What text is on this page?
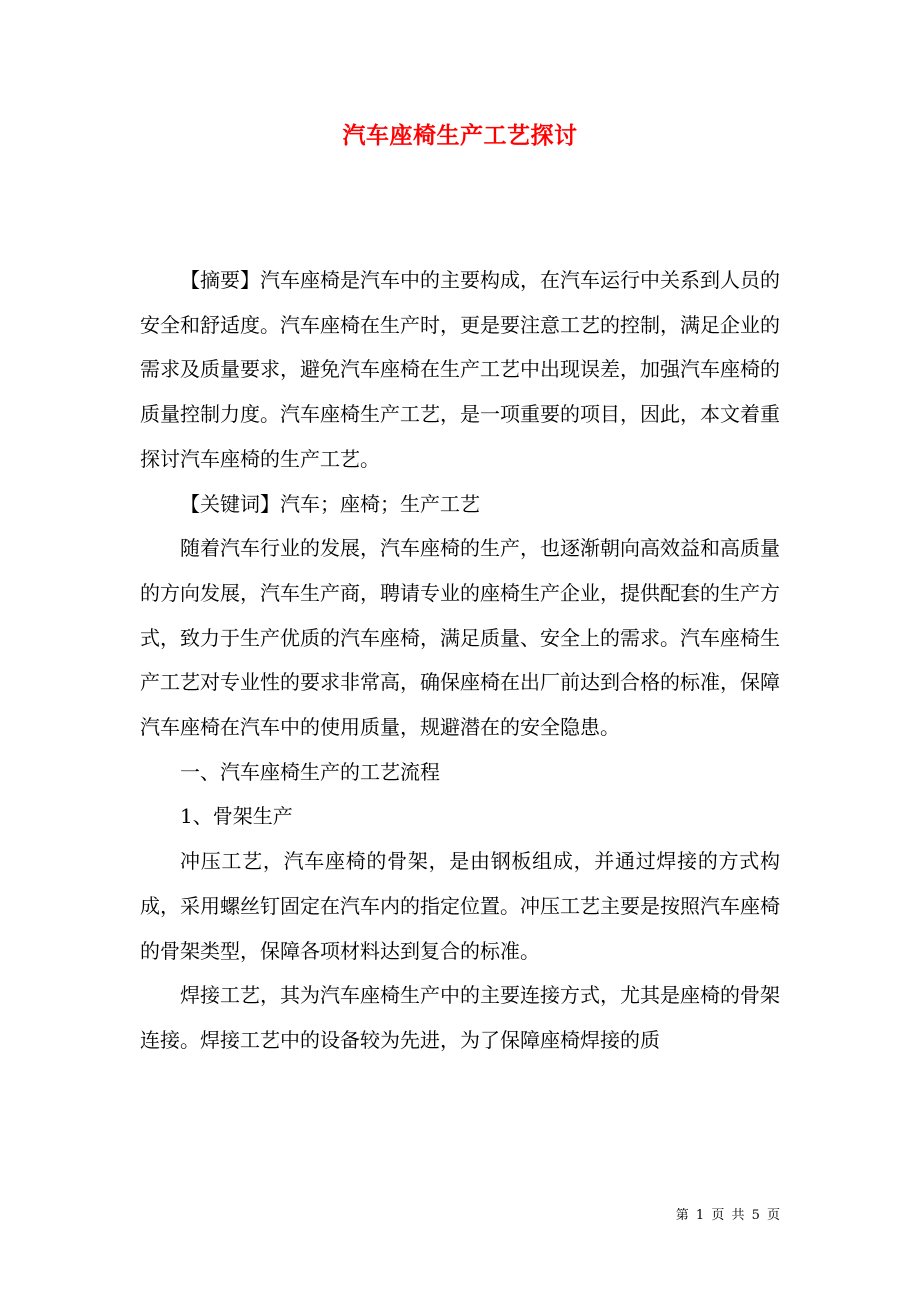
汽车座椅生产工艺探讨

【摘要】汽车座椅是汽车中的主要构成，在汽车运行中关系到人员的安全和舒适度。汽车座椅在生产时，更是要注意工艺的控制，满足企业的需求及质量要求，避免汽车座椅在生产工艺中出现误差，加强汽车座椅的质量控制力度。汽车座椅生产工艺，是一项重要的项目，因此，本文着重探讨汽车座椅的生产工艺。

【关键词】汽车；座椅；生产工艺

随着汽车行业的发展，汽车座椅的生产，也逐渐朝向高效益和高质量的方向发展，汽车生产商，聘请专业的座椅生产企业，提供配套的生产方式，致力于生产优质的汽车座椅，满足质量、安全上的需求。汽车座椅生产工艺对专业性的要求非常高，确保座椅在出厂前达到合格的标准，保障汽车座椅在汽车中的使用质量，规避潜在的安全隐患。

一、汽车座椅生产的工艺流程

1、骨架生产

冲压工艺，汽车座椅的骨架，是由钢板组成，并通过焊接的方式构成，采用螺丝钉固定在汽车内的指定位置。冲压工艺主要是按照汽车座椅的骨架类型，保障各项材料达到复合的标准。

焊接工艺，其为汽车座椅生产中的主要连接方式，尤其是座椅的骨架连接。焊接工艺中的设备较为先进，为了保障座椅焊接的质

第 1 页 共 5 页
